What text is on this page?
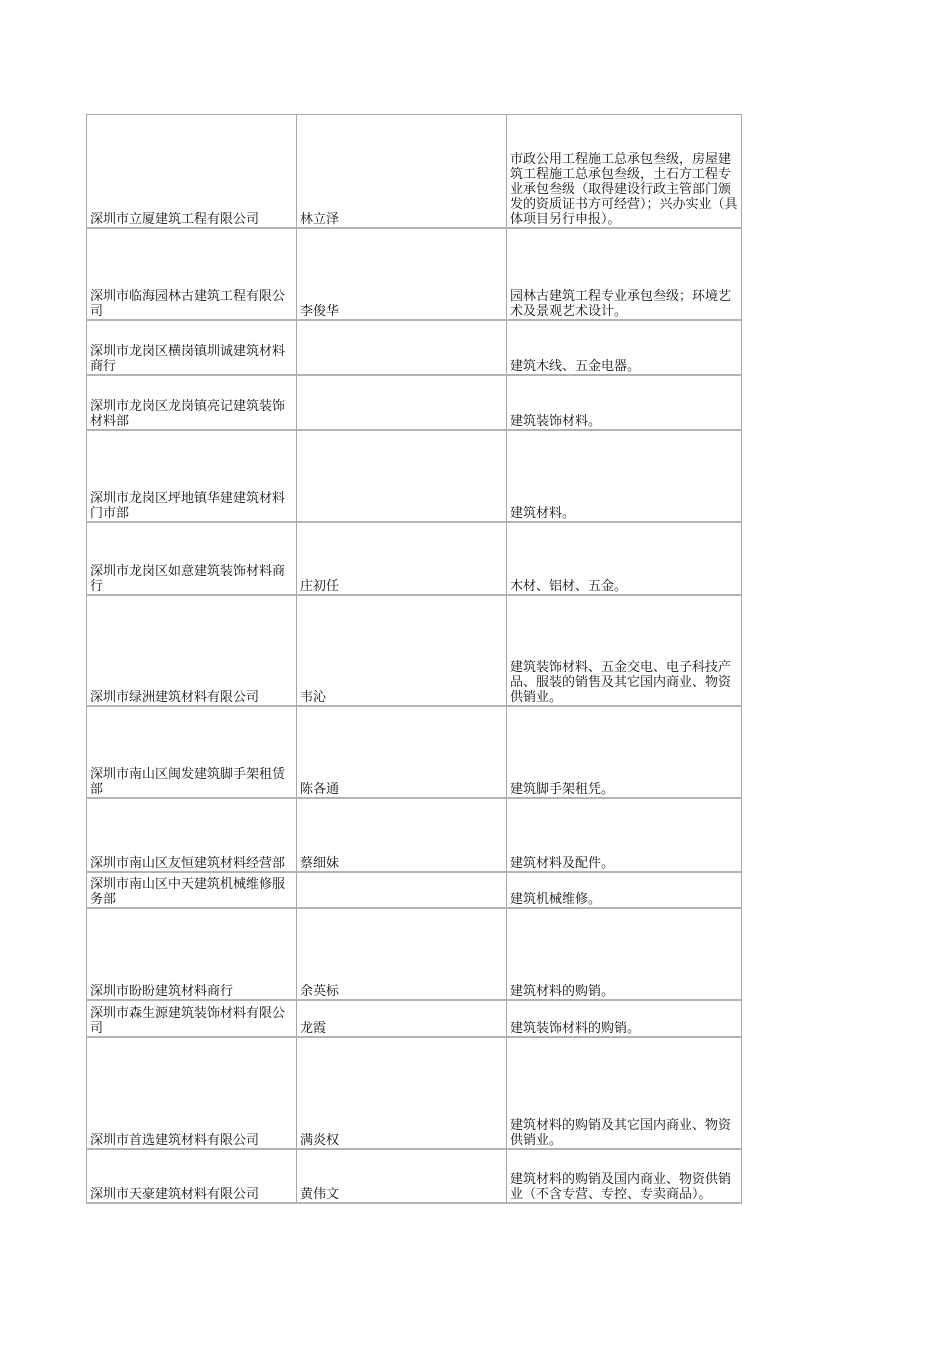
深圳市立厦建筑工程有限公司	林立泽	市政公用工程施工总承包叁级，房屋建筑工程施工总承包叁级，土石方工程专业承包叁级（取得建设行政主管部门颁发的资质证书方可经营）；兴办实业（具体项目另行申报）。
深圳市临海园林古建筑工程有限公司	李俊华	园林古建筑工程专业承包叁级；环境艺术及景观艺术设计。
深圳市龙岗区横岗镇圳诚建筑材料商行		建筑木线、五金电器。
深圳市龙岗区龙岗镇亮记建筑装饰材料部		建筑装饰材料。
深圳市龙岗区坪地镇华建建筑材料门市部		建筑材料。
深圳市龙岗区如意建筑装饰材料商行	庄初任	木材、铝材、五金。
深圳市绿洲建筑材料有限公司	韦沁	建筑装饰材料、五金交电、电子科技产品、服装的销售及其它国内商业、物资供销业。
深圳市南山区闽发建筑脚手架租赁部	陈各通	建筑脚手架租凭。
深圳市南山区友恒建筑材料经营部	蔡细妹	建筑材料及配件。
深圳市南山区中天建筑机械维修服务部		建筑机械维修。
深圳市盼盼建筑材料商行	余英标	建筑材料的购销。
深圳市森生源建筑装饰材料有限公司	龙霞	建筑装饰材料的购销。
深圳市首选建筑材料有限公司	满炎权	建筑材料的购销及其它国内商业、物资供销业。
深圳市天豪建筑材料有限公司	黄伟文	建筑材料的购销及国内商业、物资供销业（不含专营、专控、专卖商品）。
